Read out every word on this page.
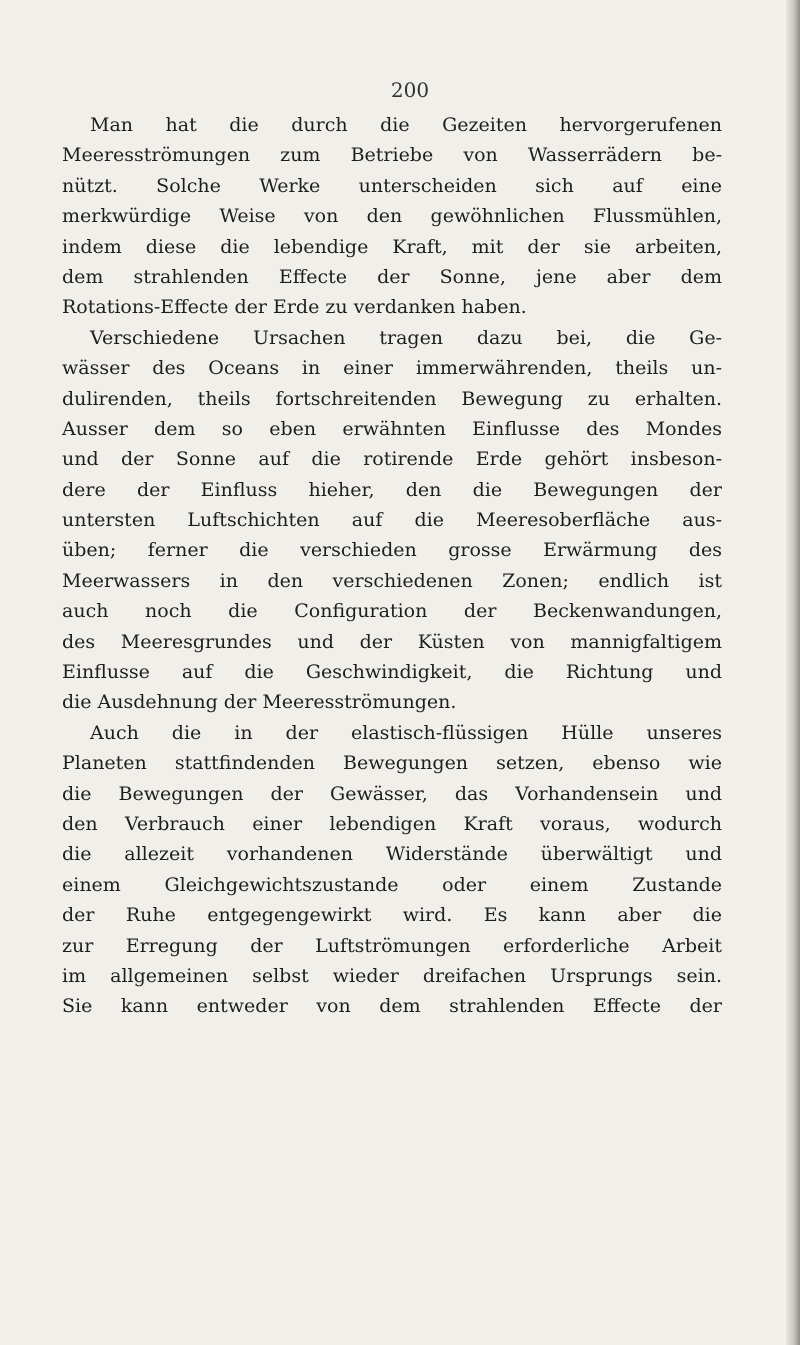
200
Man hat die durch die Gezeiten hervorgerufenen
Meeresströmungen zum Betriebe von Wasserrädern be-
nützt. Solche Werke unterscheiden sich auf eine
merkwürdige Weise von den gewöhnlichen Flussmühlen,
indem diese die lebendige Kraft, mit der sie arbeiten,
dem strahlenden Effecte der Sonne, jene aber dem
Rotations-Effecte der Erde zu verdanken haben.
Verschiedene Ursachen tragen dazu bei, die Ge-
wässer des Oceans in einer immerwährenden, theils un-
dulirenden, theils fortschreitenden Bewegung zu erhalten.
Ausser dem so eben erwähnten Einflusse des Mondes
und der Sonne auf die rotirende Erde gehört insbeson-
dere der Einfluss hieher, den die Bewegungen der
untersten Luftschichten auf die Meeresoberfläche aus-
üben; ferner die verschieden grosse Erwärmung des
Meerwassers in den verschiedenen Zonen; endlich ist
auch noch die Configuration der Beckenwandungen,
des Meeresgrundes und der Küsten von mannigfaltigem
Einflusse auf die Geschwindigkeit, die Richtung und
die Ausdehnung der Meeresströmungen.
Auch die in der elastisch-flüssigen Hülle unseres
Planeten stattfindenden Bewegungen setzen, ebenso wie
die Bewegungen der Gewässer, das Vorhandensein und
den Verbrauch einer lebendigen Kraft voraus, wodurch
die allezeit vorhandenen Widerstände überwältigt und
einem Gleichgewichtszustande oder einem Zustande
der Ruhe entgegengewirkt wird. Es kann aber die
zur Erregung der Luftströmungen erforderliche Arbeit
im allgemeinen selbst wieder dreifachen Ursprungs sein.
Sie kann entweder von dem strahlenden Effecte der
